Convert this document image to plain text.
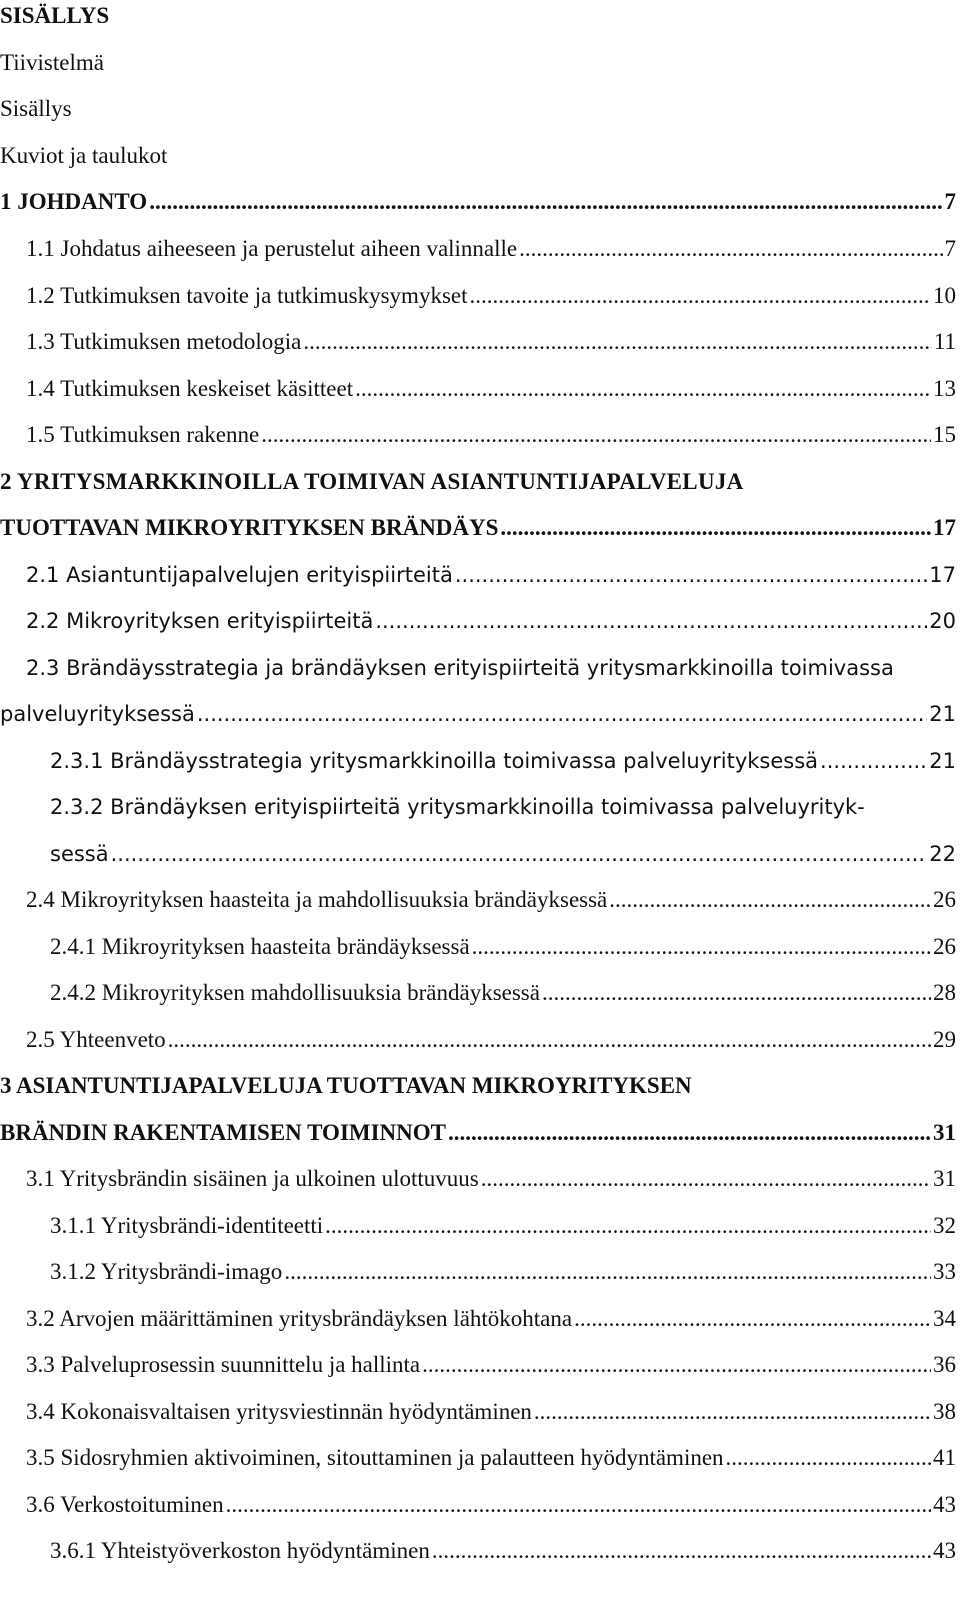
SISÄLLYS
Tiivistelmä
Sisällys
Kuviot ja taulukot
1 JOHDANTO .....	7
1.1 Johdatus aiheeseen ja perustelut aiheen valinnalle .....	7
1.2 Tutkimuksen tavoite ja tutkimuskysymykset .....	10
1.3 Tutkimuksen metodologia .....	11
1.4 Tutkimuksen keskeiset käsitteet .....	13
1.5 Tutkimuksen rakenne .....	15
2 YRITYSMARKKINOILLA TOIMIVAN ASIANTUNTIJAPALVELUJA
TUOTTAVAN MIKROYRITYKSEN BRÄNDÄYS .....	17
2.1 Asiantuntijapalvelujen erityispiirteitä .....	17
2.2 Mikroyrityksen erityispiirteitä .....	20
2.3 Brändäysstrategia ja brändäyksen erityispiirteitä yritysmarkkinoilla toimivassa
palveluyrityksessä .....	21
2.3.1 Brändäysstrategia yritysmarkkinoilla toimivassa palveluyrityksessä .....	21
2.3.2 Brändäyksen erityispiirteitä yritysmarkkinoilla toimivassa palveluyrityk-
sessä .....	22
2.4 Mikroyrityksen haasteita ja mahdollisuuksia brändäyksessä .....	26
2.4.1 Mikroyrityksen haasteita brändäyksessä .....	26
2.4.2 Mikroyrityksen mahdollisuuksia brändäyksessä .....	28
2.5 Yhteenveto .....	29
3 ASIANTUNTIJAPALVELUJA TUOTTAVAN MIKROYRITYKSEN
BRÄNDIN RAKENTAMISEN TOIMINNOT .....	31
3.1 Yritysbrändin sisäinen ja ulkoinen ulottuvuus .....	31
3.1.1 Yritysbrändi-identiteetti .....	32
3.1.2 Yritysbrändi-imago .....	33
3.2 Arvojen määrittäminen yritysbrändäyksen lähtökohtana .....	34
3.3 Palveluprosessin suunnittelu ja hallinta .....	36
3.4 Kokonaisvaltaisen yritysviestinnän hyödyntäminen .....	38
3.5 Sidosryhmien aktivoiminen, sitouttaminen ja palautteen hyödyntäminen .....	41
3.6 Verkostoituminen .....	43
3.6.1 Yhteistyöverkoston hyödyntäminen .....	43
